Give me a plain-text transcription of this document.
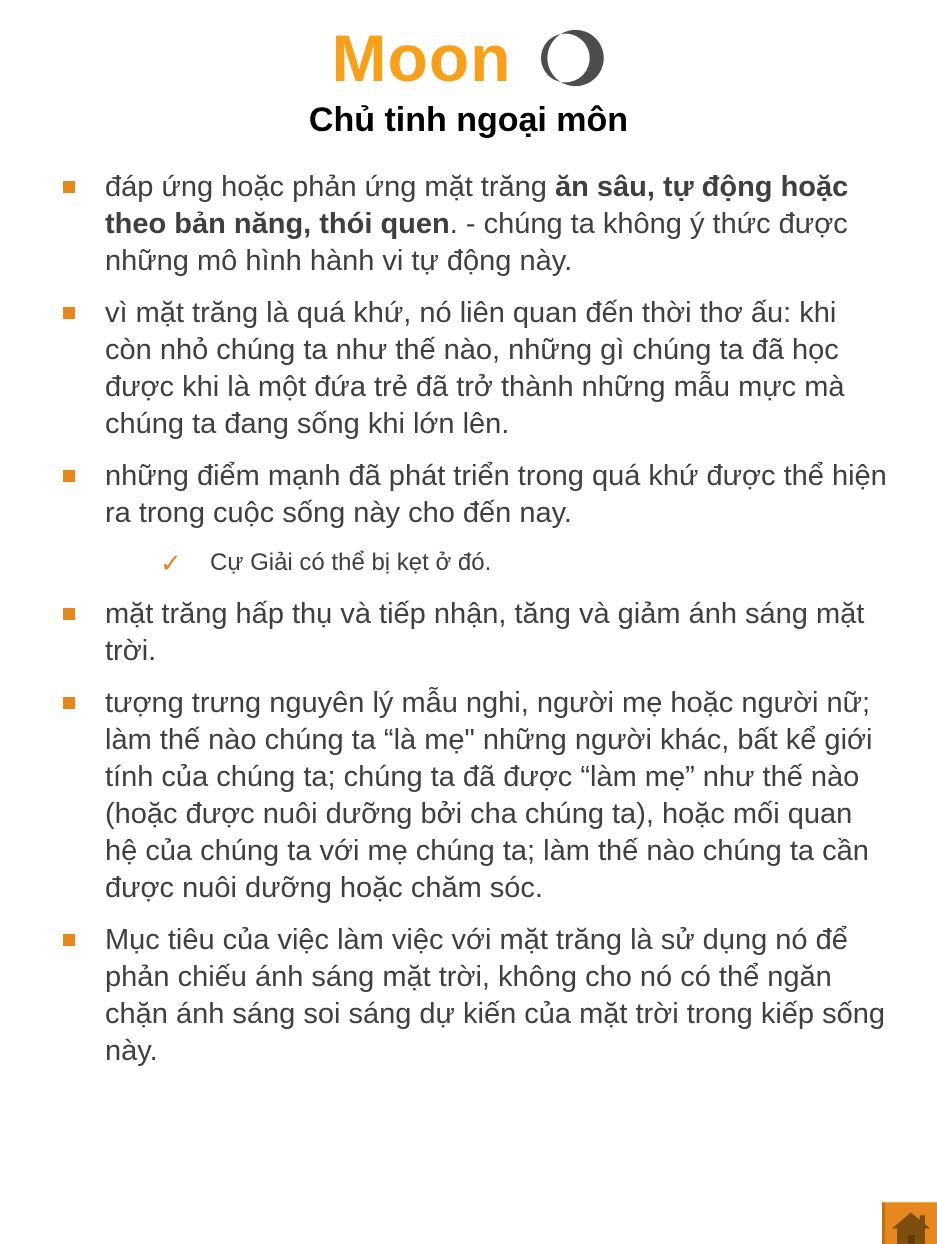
Moon
Chủ tinh ngoại môn
đáp ứng hoặc phản ứng mặt trăng ăn sâu, tự động hoặc theo bản năng, thói quen. - chúng ta không ý thức được những mô hình hành vi tự động này.
vì mặt trăng là quá khứ, nó liên quan đến thời thơ ấu: khi còn nhỏ chúng ta như thế nào, những gì chúng ta đã học được khi là một đứa trẻ đã trở thành những mẫu mực mà chúng ta đang sống khi lớn lên.
những điểm mạnh đã phát triển trong quá khứ được thể hiện ra trong cuộc sống này cho đến nay.
✓ Cự Giải có thể bị kẹt ở đó.
mặt trăng hấp thụ và tiếp nhận, tăng và giảm ánh sáng mặt trời.
tượng trưng nguyên lý mẫu nghi, người mẹ hoặc người nữ; làm thế nào chúng ta “là mẹ" những người khác, bất kể giới tính của chúng ta; chúng ta đã được “làm mẹ” như thế nào (hoặc được nuôi dưỡng bởi cha chúng ta), hoặc mối quan hệ của chúng ta với mẹ chúng ta; làm thế nào chúng ta cần được nuôi dưỡng hoặc chăm sóc.
Mục tiêu của việc làm việc với mặt trăng là sử dụng nó để phản chiếu ánh sáng mặt trời, không cho nó có thể ngăn chặn ánh sáng soi sáng dự kiến của mặt trời trong kiếp sống này.
